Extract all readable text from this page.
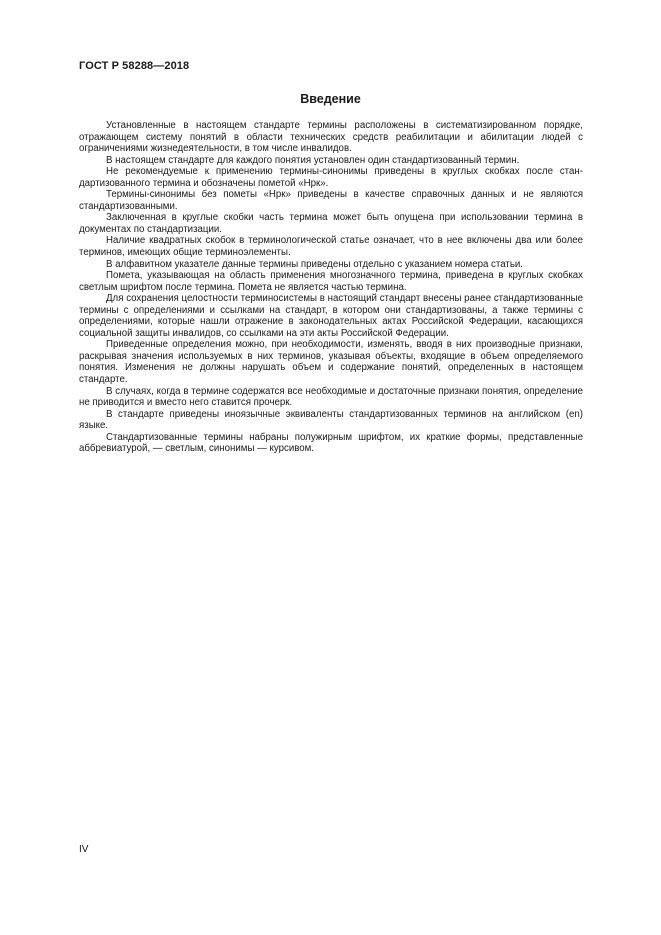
ГОСТ Р 58288—2018
Введение

Установленные в настоящем стандарте термины расположены в систематизированном порядке, отражающем систему понятий в области технических средств реабилитации и абилитации людей с ограничениями жизнедеятельности, в том числе инвалидов.

В настоящем стандарте для каждого понятия установлен один стандартизованный термин.

Не рекомендуемые к применению термины-синонимы приведены в круглых скобках после стандартизованного термина и обозначены пометой «Нрк».

Термины-синонимы без пометы «Нрк» приведены в качестве справочных данных и не являются стандартизованными.

Заключенная в круглые скобки часть термина может быть опущена при использовании термина в документах по стандартизации.

Наличие квадратных скобок в терминологической статье означает, что в нее включены два или более терминов, имеющих общие терминоэлементы.

В алфавитном указателе данные термины приведены отдельно с указанием номера статьи.

Помета, указывающая на область применения многозначного термина, приведена в круглых скобках светлым шрифтом после термина. Помета не является частью термина.

Для сохранения целостности терминосистемы в настоящий стандарт внесены ранее стандартизованные термины с определениями и ссылками на стандарт, в котором они стандартизованы, а также термины с определениями, которые нашли отражение в законодательных актах Российской Федерации, касающихся социальной защиты инвалидов, со ссылками на эти акты Российской Федерации.

Приведенные определения можно, при необходимости, изменять, вводя в них производные признаки, раскрывая значения используемых в них терминов, указывая объекты, входящие в объем определяемого понятия. Изменения не должны нарушать объем и содержание понятий, определенных в настоящем стандарте.

В случаях, когда в термине содержатся все необходимые и достаточные признаки понятия, определение не приводится и вместо него ставится прочерк.

В стандарте приведены иноязычные эквиваленты стандартизованных терминов на английском (en) языке.

Стандартизованные термины набраны полужирным шрифтом, их краткие формы, представленные аббревиатурой, — светлым, синонимы — курсивом.

IV
